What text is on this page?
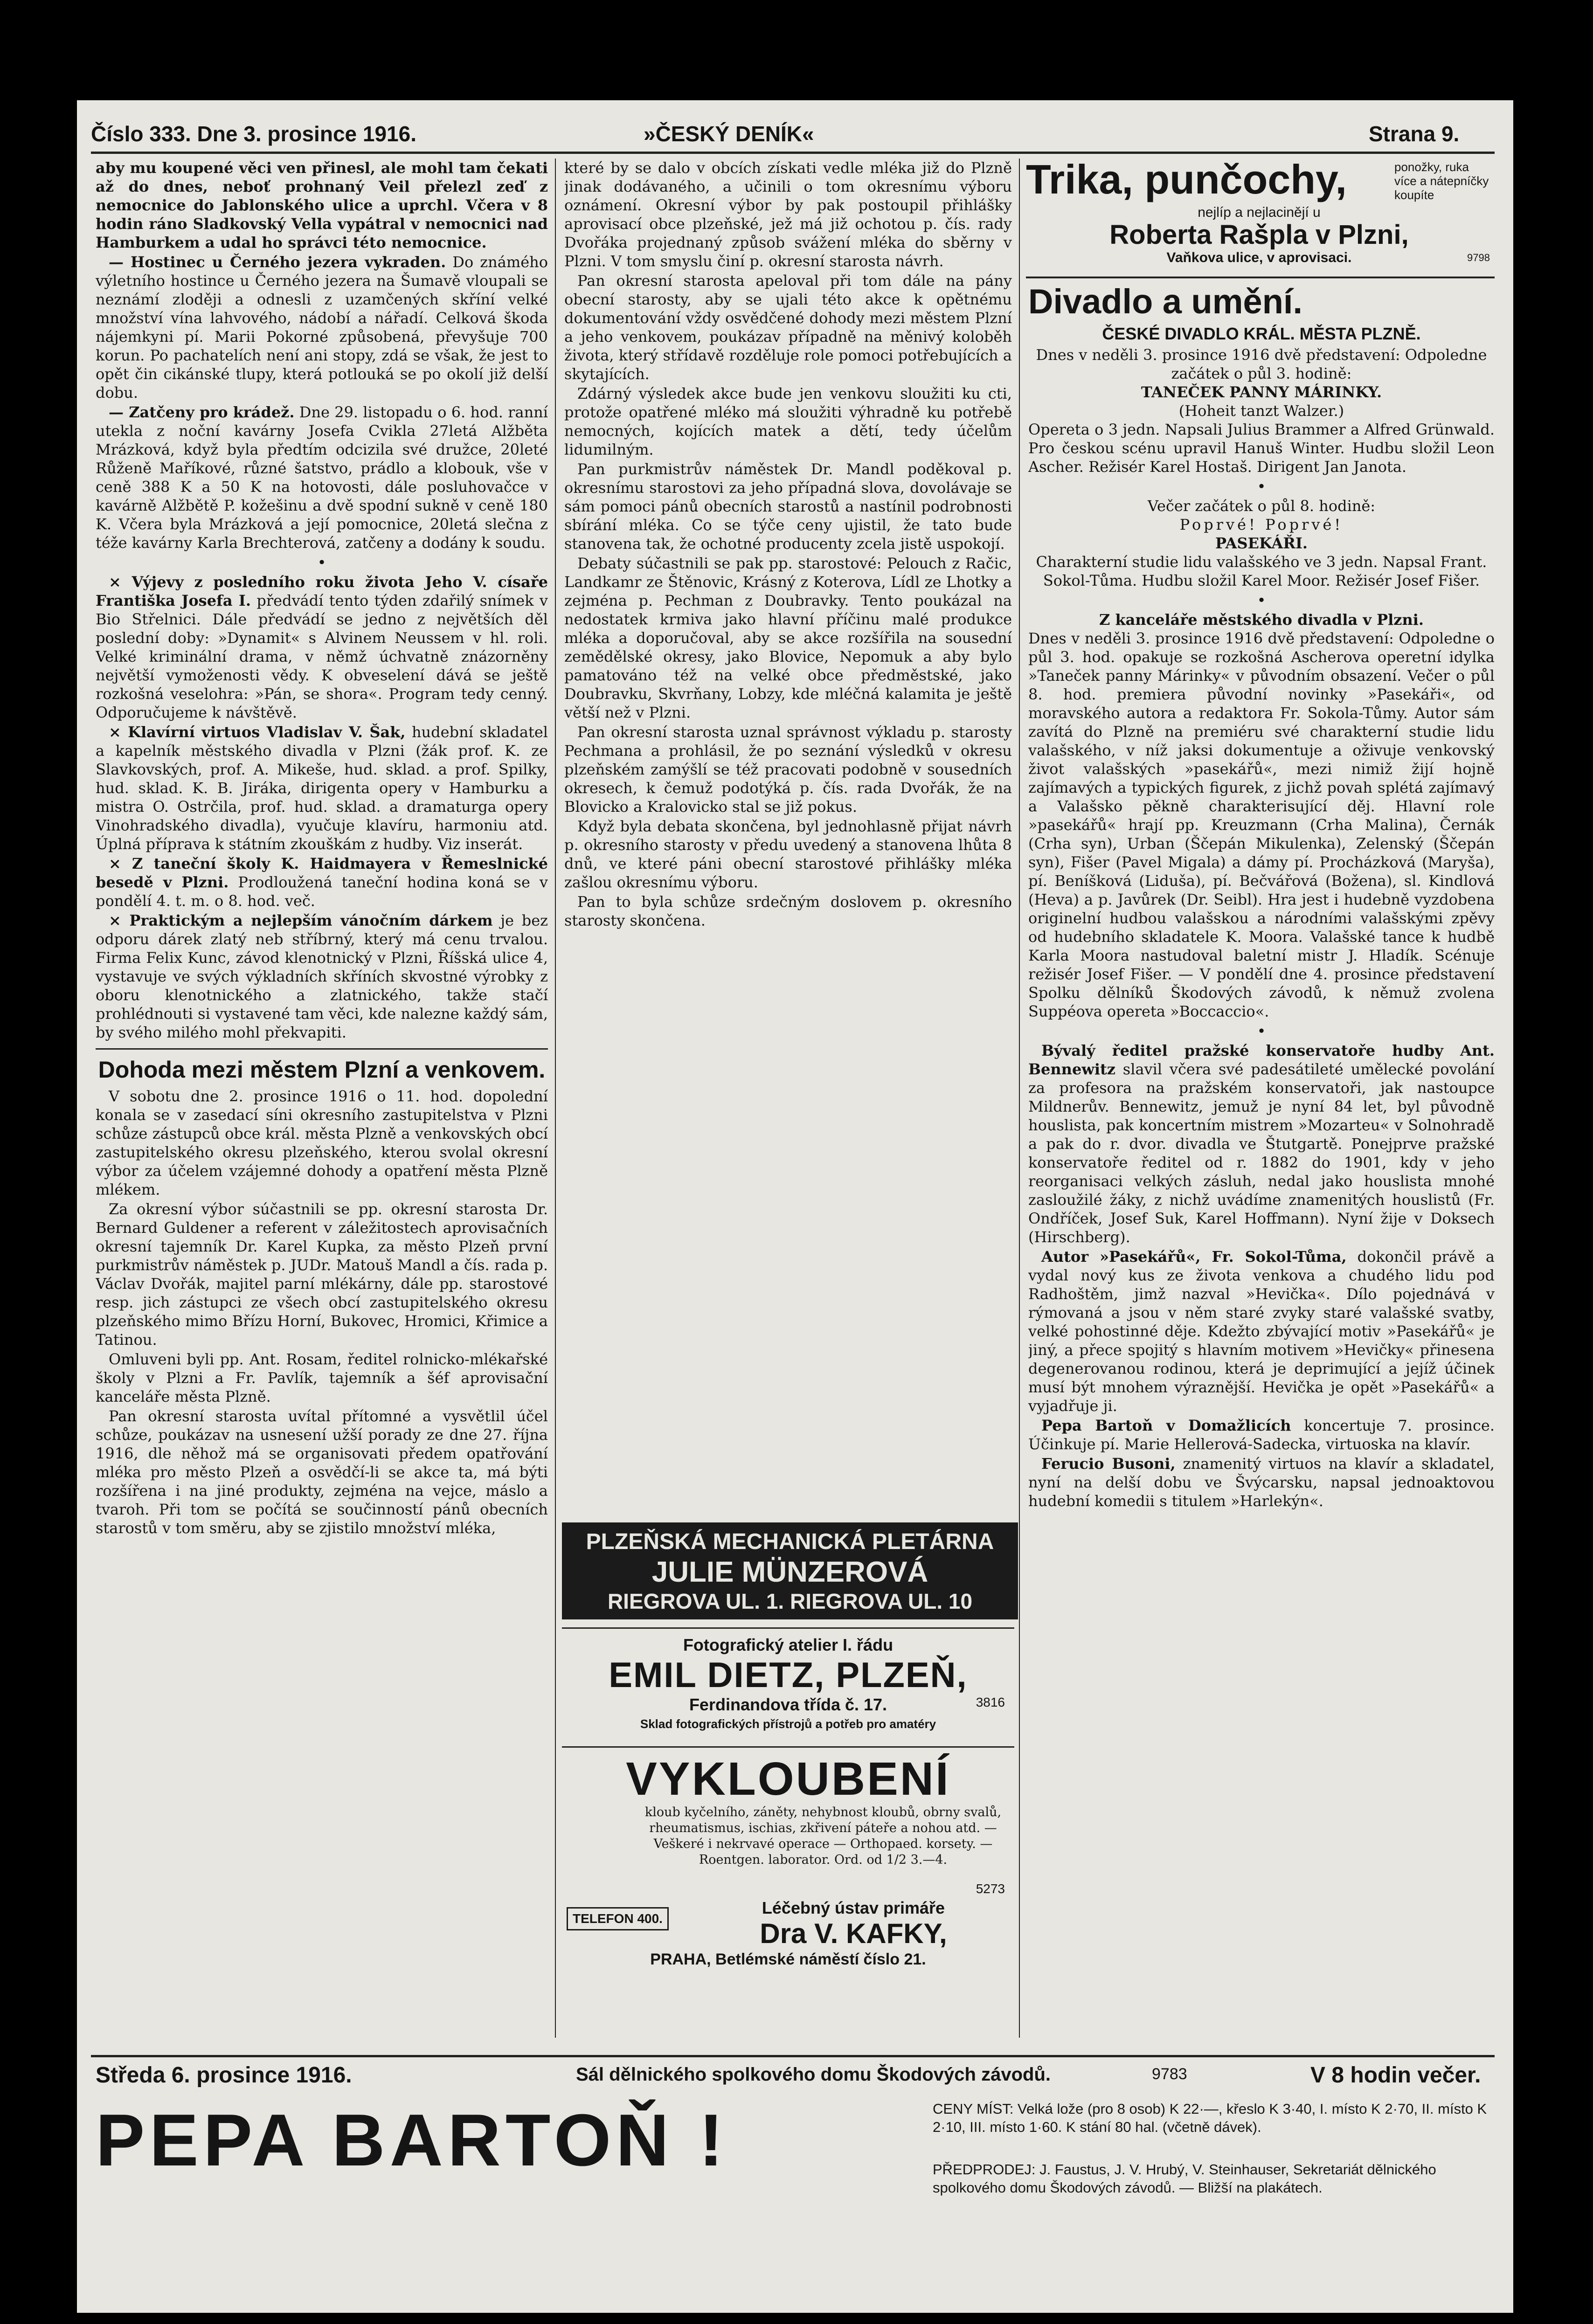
Číslo 333. Dne 3. prosince 1916.	»ČESKÝ DENÍK«	Strana 9.

aby mu koupené věci ven přinesl, ale mohl tam čekati až do dnes, neboť prohnaný Veil přelezl zeď z nemocnice do Jablonského ulice a uprchl. Včera v 8 hodin ráno Sladkovský Vella vypátral v nemocnici nad Hamburkem a udal ho správci této nemocnice.

— Hostinec u Černého jezera vykraden. Do známého výletního hostince u Černého jezera na Šumavě vloupali se neznámí zloději a odnesli z uzamčených skříní velké množství vína lahvového, nádobí a nářadí. Celková škoda nájemkyni pí. Marii Pokorné způsobená, převyšuje 700 korun. Po pachatelích není ani stopy, zdá se však, že jest to opět čin cikánské tlupy, která potlouká se po okolí již delší dobu.

— Zatčeny pro krádež. Dne 29. listopadu o 6. hod. ranní utekla z noční kavárny Josefa Cvikla 27letá Alžběta Mrázková, když byla předtím odcizila své družce, 20leté Růženě Maříkové, různé šatstvo, prádlo a klobouk, vše v ceně 388 K a 50 K na hotovosti, dále posluhovačce v kavárně Alžbětě P. kožešinu a dvě spodní sukně v ceně 180 K. Včera byla Mrázková a její pomocnice, 20letá slečna z téže kavárny Karla Brechterová, zatčeny a dodány k soudu.

•

× Výjevy z posledního roku života Jeho V. císaře Františka Josefa I. předvádí tento týden zdařilý snímek v Bio Střelnici. Dále předvádí se jedno z největších děl poslední doby: »Dynamit« s Alvinem Neussem v hl. roli. Velké kriminální drama, v němž úchvatně znázorněny největší vymoženosti vědy. K obveselení dává se ještě rozkošná veselohra: »Pán, se shora«. Program tedy cenný. Odporučujeme k návštěvě.

× Klavírní virtuos Vladislav V. Šak, hudební skladatel a kapelník městského divadla v Plzni (žák prof. K. ze Slavkovských, prof. A. Mikeše, hud. sklad. a prof. Spilky, hud. sklad. K. B. Jiráka, dirigenta opery v Hamburku a mistra O. Ostrčila, prof. hud. sklad. a dramaturga opery Vinohradského divadla), vyučuje klavíru, harmoniu atd. Úplná příprava k státním zkouškám z hudby. Viz inserát.

× Z taneční školy K. Haidmayera v Řemeslnické besedě v Plzni. Prodloužená taneční hodina koná se v pondělí 4. t. m. o 8. hod. več.

× Praktickým a nejlepším vánočním dárkem je bez odporu dárek zlatý neb stříbrný, který má cenu trvalou. Firma Felix Kunc, závod klenotnický v Plzni, Říšská ulice 4, vystavuje ve svých výkladních skříních skvostné výrobky z oboru klenotnického a zlatnického, takže stačí prohlédnouti si vystavené tam věci, kde nalezne každý sám, by svého milého mohl překvapiti.

Dohoda mezi městem Plzní a venkovem.

V sobotu dne 2. prosince 1916 o 11. hod. dopolední konala se v zasedací síni okresního zastupitelstva v Plzni schůze zástupců obce král. města Plzně a venkovských obcí zastupitelského okresu plzeňského, kterou svolal okresní výbor za účelem vzájemné dohody a opatření města Plzně mlékem.

Za okresní výbor súčastnili se pp. okresní starosta Dr. Bernard Guldener a referent v záležitostech aprovisačních okresní tajemník Dr. Karel Kupka, za město Plzeň první purkmistrův náměstek p. JUDr. Matouš Mandl a čís. rada p. Václav Dvořák, majitel parní mlékárny, dále pp. starostové resp. jich zástupci ze všech obcí zastupitelského okresu plzeňského mimo Břízu Horní, Bukovec, Hromici, Křimice a Tatinou.

Omluveni byli pp. Ant. Rosam, ředitel rolnicko-mlékařské školy v Plzni a Fr. Pavlík, tajemník a šéf aprovisační kanceláře města Plzně.

Pan okresní starosta uvítal přítomné a vysvětlil účel schůze, poukázav na usnesení užší porady ze dne 27. října 1916, dle něhož má se organisovati předem opatřování mléka pro město Plzeň a osvědčí-li se akce ta, má býti rozšířena i na jiné produkty, zejména na vejce, máslo a tvaroh. Při tom se počítá se součinností pánů obecních starostů v tom směru, aby se zjistilo množství mléka,

které by se dalo v obcích získati vedle mléka již do Plzně jinak dodávaného, a učinili o tom okresnímu výboru oznámení. Okresní výbor by pak postoupil přihlášky aprovisací obce plzeňské, jež má již ochotou p. čís. rady Dvořáka projednaný způsob svážení mléka do sběrny v Plzni. V tom smyslu činí p. okresní starosta návrh.

Pan okresní starosta apeloval při tom dále na pány obecní starosty, aby se ujali této akce k opětnému dokumentování vždy osvědčené dohody mezi městem Plzní a jeho venkovem, poukázav případně na měnivý koloběh života, který střídavě rozděluje role pomoci potřebujících a skytajících.

Zdárný výsledek akce bude jen venkovu sloužiti ku cti, protože opatřené mléko má sloužiti výhradně ku potřebě nemocných, kojících matek a dětí, tedy účelům lidumilným.

Pan purkmistrův náměstek Dr. Mandl poděkoval p. okresnímu starostovi za jeho případná slova, dovolávaje se sám pomoci pánů obecních starostů a nastínil podrobnosti sbírání mléka. Co se týče ceny ujistil, že tato bude stanovena tak, že ochotné producenty zcela jistě uspokojí.

Debaty súčastnili se pak pp. starostové: Pelouch z Račic, Landkamr ze Štěnovic, Krásný z Koterova, Lídl ze Lhotky a zejména p. Pechman z Doubravky. Tento poukázal na nedostatek krmiva jako hlavní příčinu malé produkce mléka a doporučoval, aby se akce rozšířila na sousední zemědělské okresy, jako Blovice, Nepomuk a aby bylo pamatováno též na velké obce předměstské, jako Doubravku, Skvrňany, Lobzy, kde mléčná kalamita je ještě větší než v Plzni.

Pan okresní starosta uznal správnost výkladu p. starosty Pechmana a prohlásil, že po seznání výsledků v okresu plzeňském zamýšlí se též pracovati podobně v sousedních okresech, k čemuž podotýká p. čís. rada Dvořák, že na Blovicko a Kralovicko stal se již pokus.

Když byla debata skončena, byl jednohlasně přijat návrh p. okresního starosty v předu uvedený a stanovena lhůta 8 dnů, ve které páni obecní starostové přihlášky mléka zašlou okresnímu výboru.

Pan to byla schůze srdečným doslovem p. okresního starosty skončena.

PLZEŇSKÁ MECHANICKÁ PLETÁRNA
JULIE MÜNZEROVÁ
RIEGROVA UL. 1. RIEGROVA UL. 10
Fotografický atelier I. řádu
EMIL DIETZ, PLZEŇ,
Ferdinandova třída č. 17.	3816
Sklad fotografických přístrojů a potřeb pro amatéry
VYKLOUBENÍ
kloub kyčelního, záněty, nehybnost kloubů, obrny svalů, rheumatismus, ischias, zkřivení páteře a nohou atd. — Veškeré i nekrvavé operace — Orthopaed. korsety. — Roentgen. laborator. Ord. od 1/2 3.—4.
5273
TELEFON 400.
Léčebný ústav primáře
Dra V. KAFKY,
PRAHA, Betlémské náměstí číslo 21.
Trika, punčochy,	ponožky, ruka více a nátepníčky koupíte
nejlíp a nejlacinějí u
Roberta Rašpla v Plzni,
Vaňkova ulice, v aprovisaci.	9798
Divadlo a umění.
ČESKÉ DIVADLO KRÁL. MĚSTA PLZNĚ.
Dnes v neděli 3. prosince 1916 dvě představení: Odpoledne začátek o půl 3. hodině:
TANEČEK PANNY MÁRINKY.
(Hoheit tanzt Walzer.)

Opereta o 3 jedn. Napsali Julius Brammer a Alfred Grünwald. Pro českou scénu upravil Hanuš Winter. Hudbu složil Leon Ascher. Režisér Karel Hostaš. Dirigent Jan Janota.

•
Večer začátek o půl 8. hodině:
Poprvé! Poprvé!
PASEKÁŘI.

Charakterní studie lidu valašského ve 3 jedn. Napsal Frant. Sokol-Tůma. Hudbu složil Karel Moor. Režisér Josef Fišer.

•
Z kanceláře městského divadla v Plzni.

Dnes v neděli 3. prosince 1916 dvě představení: Odpoledne o půl 3. hod. opakuje se rozkošná Ascherova operetní idylka »Taneček panny Márinky« v původním obsazení. Večer o půl 8. hod. premiera původní novinky »Pasekáři«, od moravského autora a redaktora Fr. Sokola-Tůmy. Autor sám zavítá do Plzně na premiéru své charakterní studie lidu valašského, v níž jaksi dokumentuje a oživuje venkovský život valašských »pasekářů«, mezi nimiž žijí hojně zajímavých a typických figurek, z jichž povah splétá zajímavý a Valašsko pěkně charakterisující děj. Hlavní role »pasekářů« hrají pp. Kreuzmann (Crha Malina), Černák (Crha syn), Urban (Ščepán Mikulenka), Zelenský (Ščepán syn), Fišer (Pavel Migala) a dámy pí. Procházková (Maryša), pí. Beníšková (Liduša), pí. Bečvářová (Božena), sl. Kindlová (Heva) a p. Javůrek (Dr. Seibl). Hra jest i hudebně vyzdobena originelní hudbou valašskou a národními valašskými zpěvy od hudebního skladatele K. Moora. Valašské tance k hudbě Karla Moora nastudoval baletní mistr J. Hladík. Scénuje režisér Josef Fišer. — V pondělí dne 4. prosince představení Spolku dělníků Škodových závodů, k němuž zvolena Suppéova opereta »Boccaccio«.

•

Bývalý ředitel pražské konservatoře hudby Ant. Bennewitz slavil včera své padesátileté umělecké povolání za profesora na pražském konservatoři, jak nastoupce Mildnerův. Bennewitz, jemuž je nyní 84 let, byl původně houslista, pak koncertním mistrem »Mozarteu« v Solnohradě a pak do r. dvor. divadla ve Štutgartě. Ponejprve pražské konservatoře ředitel od r. 1882 do 1901, kdy v jeho reorganisaci velkých zásluh, nedal jako houslista mnohé zasloužilé žáky, z nichž uvádíme znamenitých houslistů (Fr. Ondříček, Josef Suk, Karel Hoffmann). Nyní žije v Doksech (Hirschberg).

Autor »Pasekářů«, Fr. Sokol-Tůma, dokončil právě a vydal nový kus ze života venkova a chudého lidu pod Radhoštěm, jimž nazval »Hevička«. Dílo pojednává v rýmovaná a jsou v něm staré zvyky staré valašské svatby, velké pohostinné děje. Kdežto zbývající motiv »Pasekářů« je jiný, a přece spojitý s hlavním motivem »Hevičky« přinesena degenerovanou rodinou, která je deprimující a jejíž účinek musí být mnohem výraznější. Hevička je opět »Pasekářů« a vyjadřuje ji.

Pepa Bartoň v Domažlicích koncertuje 7. prosince. Účinkuje pí. Marie Hellerová-Sadecka, virtuoska na klavír.

Ferucio Busoni, znamenitý virtuos na klavír a skladatel, nyní na delší dobu ve Švýcarsku, napsal jednoaktovou hudební komedii s titulem »Harlekýn«.

Středa 6. prosince 1916.	Sál dělnického spolkového domu Škodových závodů.	9783	V 8 hodin večer.
PEPA BARTOŇ !	CENY MÍST: Velká lože (pro 8 osob) K 22·—, křeslo K 3·40, I. místo K 2·70, II. místo K 2·10, III. místo 1·60. K stání 80 hal. (včetně dávek).
PŘEDPRODEJ: J. Faustus, J. V. Hrubý, V. Steinhauser, Sekretariát dělnického spolkového domu Škodových závodů. — Bližší na plakátech.
